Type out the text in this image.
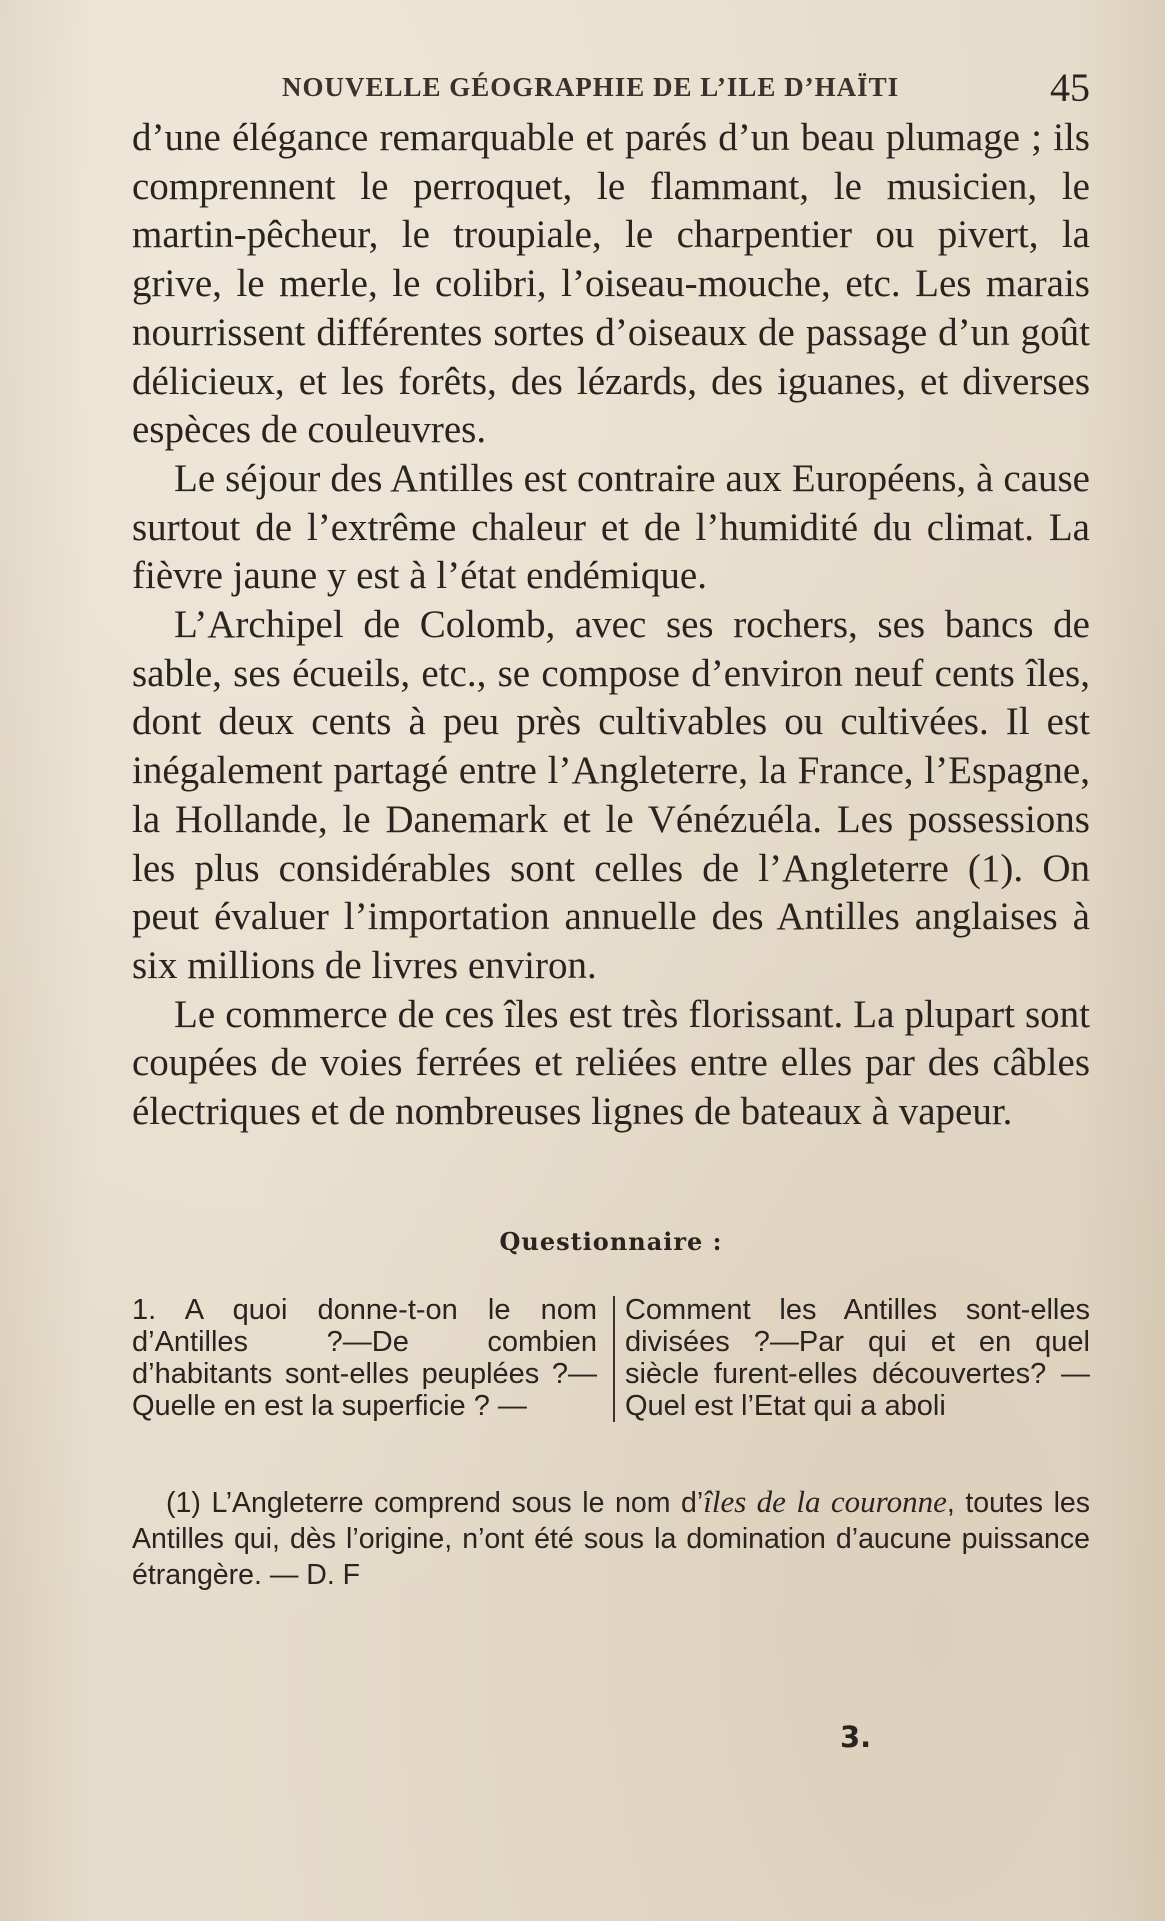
NOUVELLE GÉOGRAPHIE DE L’ILE D’HAÏTI	45

d’une élégance remarquable et parés d’un beau plumage ; ils comprennent le perroquet, le flammant, le musicien, le martin-pêcheur, le troupiale, le charpentier ou pivert, la grive, le merle, le colibri, l’oiseau-mouche, etc. Les marais nourrissent différentes sortes d’oiseaux de passage d’un goût délicieux, et les forêts, des lézards, des iguanes, et diverses espèces de couleuvres.

Le séjour des Antilles est contraire aux Européens, à cause surtout de l’extrême chaleur et de l’humidité du climat. La fièvre jaune y est à l’état endémique.

L’Archipel de Colomb, avec ses rochers, ses bancs de sable, ses écueils, etc., se compose d’environ neuf cents îles, dont deux cents à peu près cultivables ou cultivées. Il est inégalement partagé entre l’Angleterre, la France, l’Espagne, la Hollande, le Danemark et le Vénézuéla. Les possessions les plus considérables sont celles de l’Angleterre (1). On peut évaluer l’importation annuelle des Antilles anglaises à six millions de livres environ.

Le commerce de ces îles est très florissant. La plupart sont coupées de voies ferrées et reliées entre elles par des câbles électriques et de nombreuses lignes de bateaux à vapeur.

Questionnaire :
1. A quoi donne-t-on le nom d’Antilles ?—De combien d’habitants sont-elles peuplées ?— Quelle en est la superficie ? —
Comment les Antilles sont-elles divisées ?—Par qui et en quel siècle furent-elles découvertes? — Quel est l’Etat qui a aboli
(1) L’Angleterre comprend sous le nom d’îles de la couronne, toutes les Antilles qui, dès l’origine, n’ont été sous la domination d’aucune puissance étrangère. — D. F
3.
